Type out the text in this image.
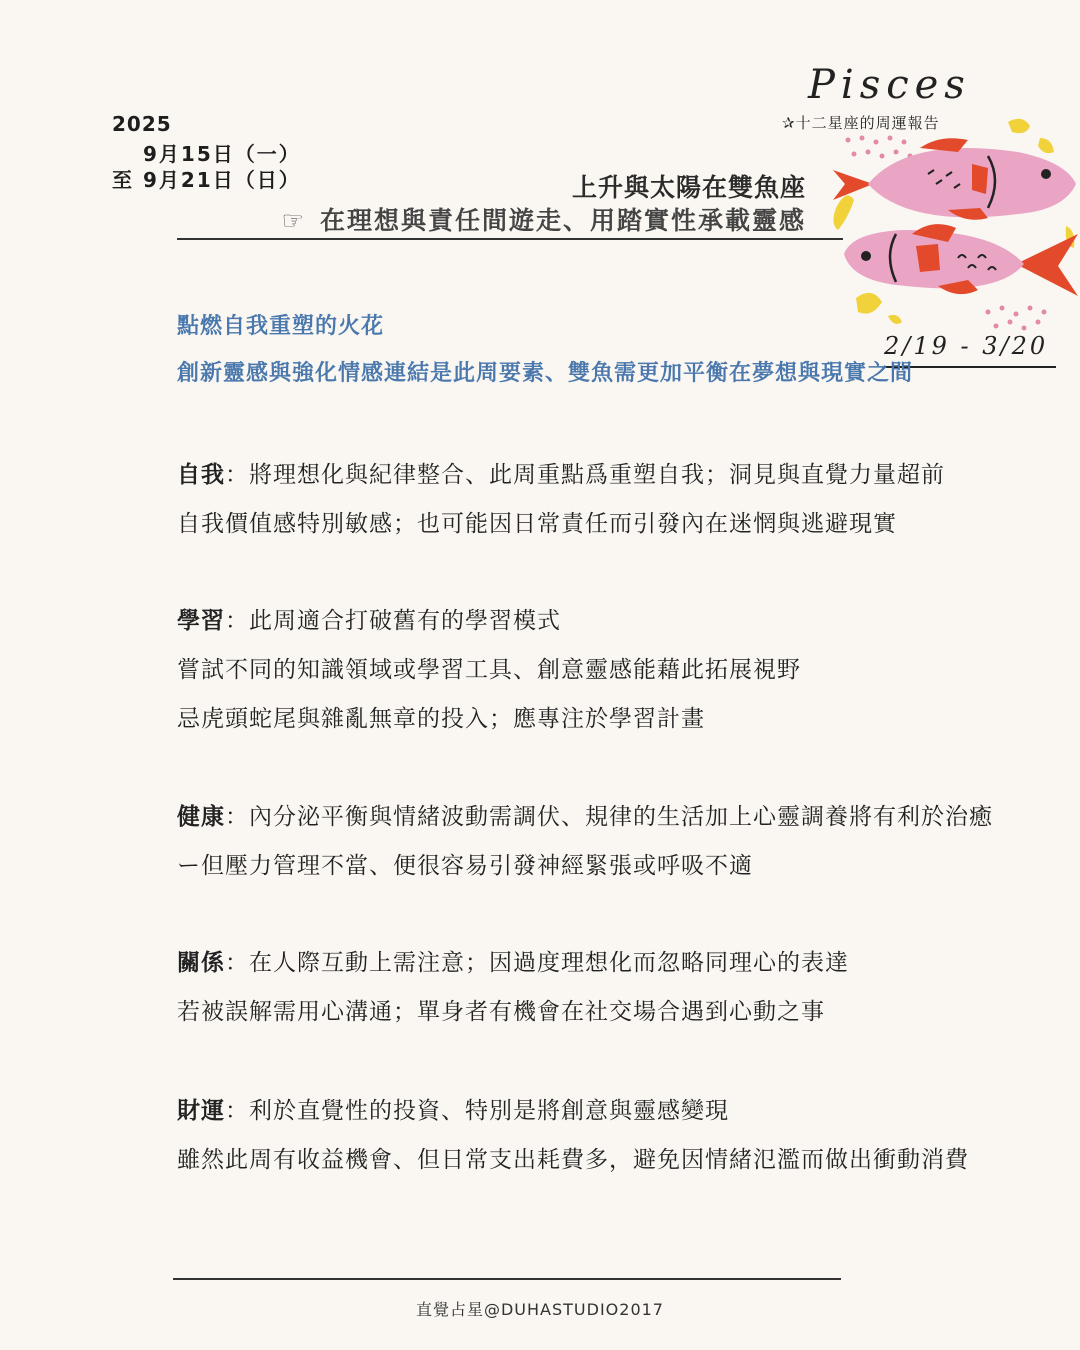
2025
9月15日（一）
至 9月21日（日）	上升與太陽在雙魚座
☞ 在理想與責任間遊走、用踏實性承載靈感
Pisces
✰十二星座的周運報告
2/19 - 3/20
點燃自我重塑的火花
創新靈感與強化情感連結是此周要素、雙魚需更加平衡在夢想與現實之間
自我：將理想化與紀律整合、此周重點爲重塑自我；洞見與直覺力量超前
自我價值感特別敏感；也可能因日常責任而引發內在迷惘與逃避現實
學習：此周適合打破舊有的學習模式
嘗試不同的知識領域或學習工具、創意靈感能藉此拓展視野
忌虎頭蛇尾與雜亂無章的投入；應專注於學習計畫
健康：內分泌平衡與情緒波動需調伏、規律的生活加上心靈調養將有利於治癒
ー但壓力管理不當、便很容易引發神經緊張或呼吸不適
關係：在人際互動上需注意；因過度理想化而忽略同理心的表達
若被誤解需用心溝通；單身者有機會在社交場合遇到心動之事
財運：利於直覺性的投資、特別是將創意與靈感變現
雖然此周有收益機會、但日常支出耗費多，避免因情緒氾濫而做出衝動消費
直覺占星@DUHASTUDIO2017
